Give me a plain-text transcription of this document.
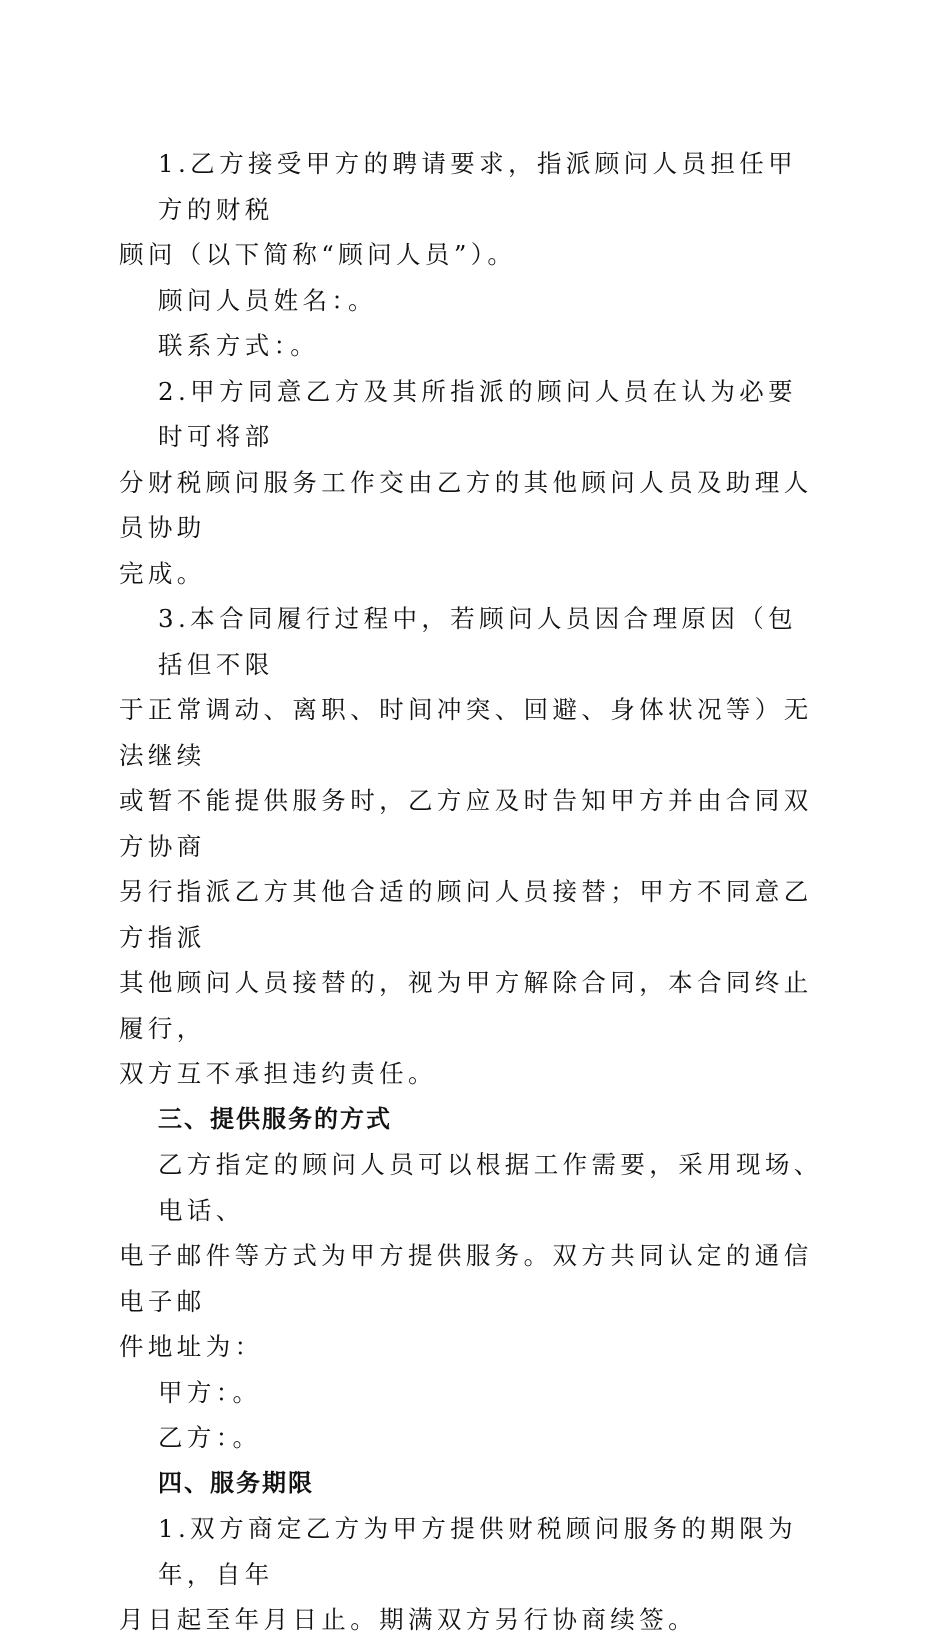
1.乙方接受甲方的聘请要求，指派顾问人员担任甲方的财税

顾问（以下简称“顾问人员”）。

顾问人员姓名：。

联系方式：。

2.甲方同意乙方及其所指派的顾问人员在认为必要时可将部

分财税顾问服务工作交由乙方的其他顾问人员及助理人员协助

完成。

3.本合同履行过程中，若顾问人员因合理原因（包括但不限

于正常调动、离职、时间冲突、回避、身体状况等）无法继续

或暂不能提供服务时，乙方应及时告知甲方并由合同双方协商

另行指派乙方其他合适的顾问人员接替；甲方不同意乙方指派

其他顾问人员接替的，视为甲方解除合同，本合同终止履行，

双方互不承担违约责任。

三、提供服务的方式

乙方指定的顾问人员可以根据工作需要，采用现场、电话、

电子邮件等方式为甲方提供服务。双方共同认定的通信电子邮

件地址为：

甲方：。

乙方：。

四、服务期限

1.双方商定乙方为甲方提供财税顾问服务的期限为年，自年

月日起至年月日止。期满双方另行协商续签。
